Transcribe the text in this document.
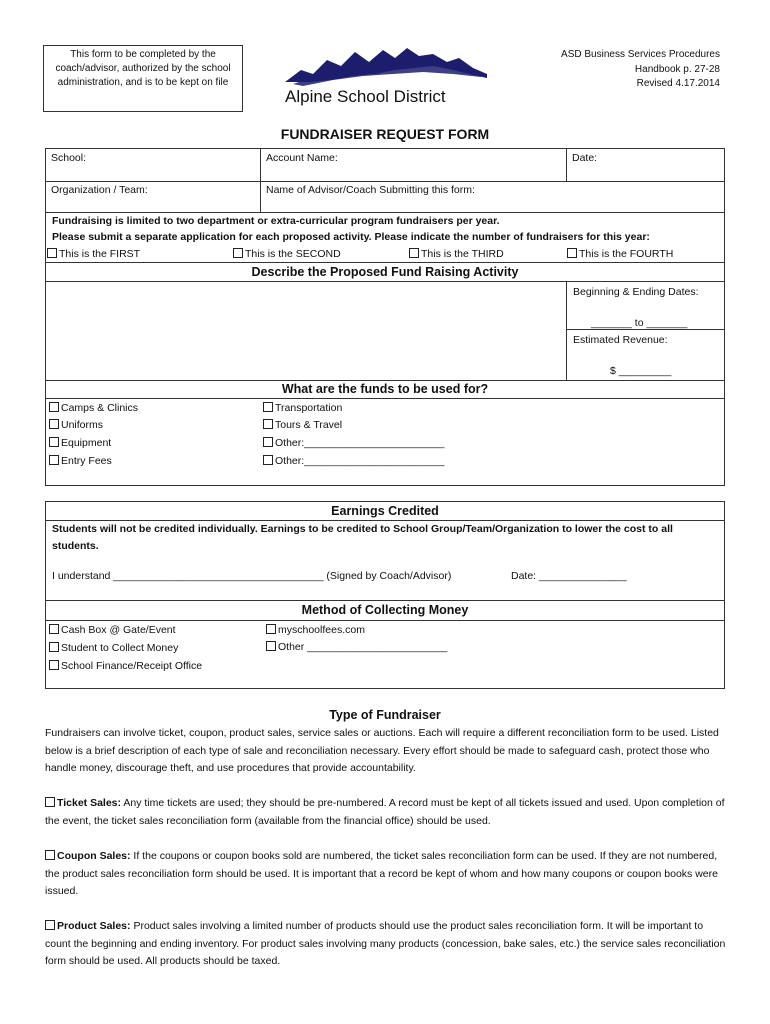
This form to be completed by the coach/advisor, authorized by the school administration, and is to be kept on file
Alpine School District
ASD Business Services Procedures
Handbook p. 27-28
Revised 4.17.2014
FUNDRAISER REQUEST FORM
School:	Account Name:	Date:
Organization / Team:	Name of Advisor/Coach Submitting this form:
Fundraising is limited to two department or extra-curricular program fundraisers per year.
Please submit a separate application for each proposed activity. Please indicate the number of fundraisers for this year:
This is the FIRST	This is the SECOND	This is the THIRD	This is the FOURTH
Describe the Proposed Fund Raising Activity
Beginning & Ending Dates:
_______ to _______
Estimated Revenue:
$ _________
What are the funds to be used for?
Camps & Clinics
Uniforms
Equipment
Entry Fees
Transportation
Tours & Travel
Other:________________________
Other:________________________
Earnings Credited
Students will not be credited individually. Earnings to be credited to School Group/Team/Organization to lower the cost to all
students.
I understand ____________________________________ (Signed by Coach/Advisor)	Date: _______________
Method of Collecting Money
Cash Box @ Gate/Event
Student to Collect Money
School Finance/Receipt Office
myschoolfees.com
Other ________________________
Type of Fundraiser
Fundraisers can involve ticket, coupon, product sales, service sales or auctions. Each will require a different reconciliation form to be used. Listed below is a brief description of each type of sale and reconciliation necessary. Every effort should be made to safeguard cash, protect those who handle money, discourage theft, and use procedures that provide accountability.
Ticket Sales: Any time tickets are used; they should be pre-numbered. A record must be kept of all tickets issued and used. Upon completion of the event, the ticket sales reconciliation form (available from the financial office) should be used.
Coupon Sales: If the coupons or coupon books sold are numbered, the ticket sales reconciliation form can be used. If they are not numbered, the product sales reconciliation form should be used. It is important that a record be kept of whom and how many coupons or coupon books were issued.
Product Sales: Product sales involving a limited number of products should use the product sales reconciliation form. It will be important to count the beginning and ending inventory. For product sales involving many products (concession, bake sales, etc.) the service sales reconciliation form should be used. All products should be taxed.
